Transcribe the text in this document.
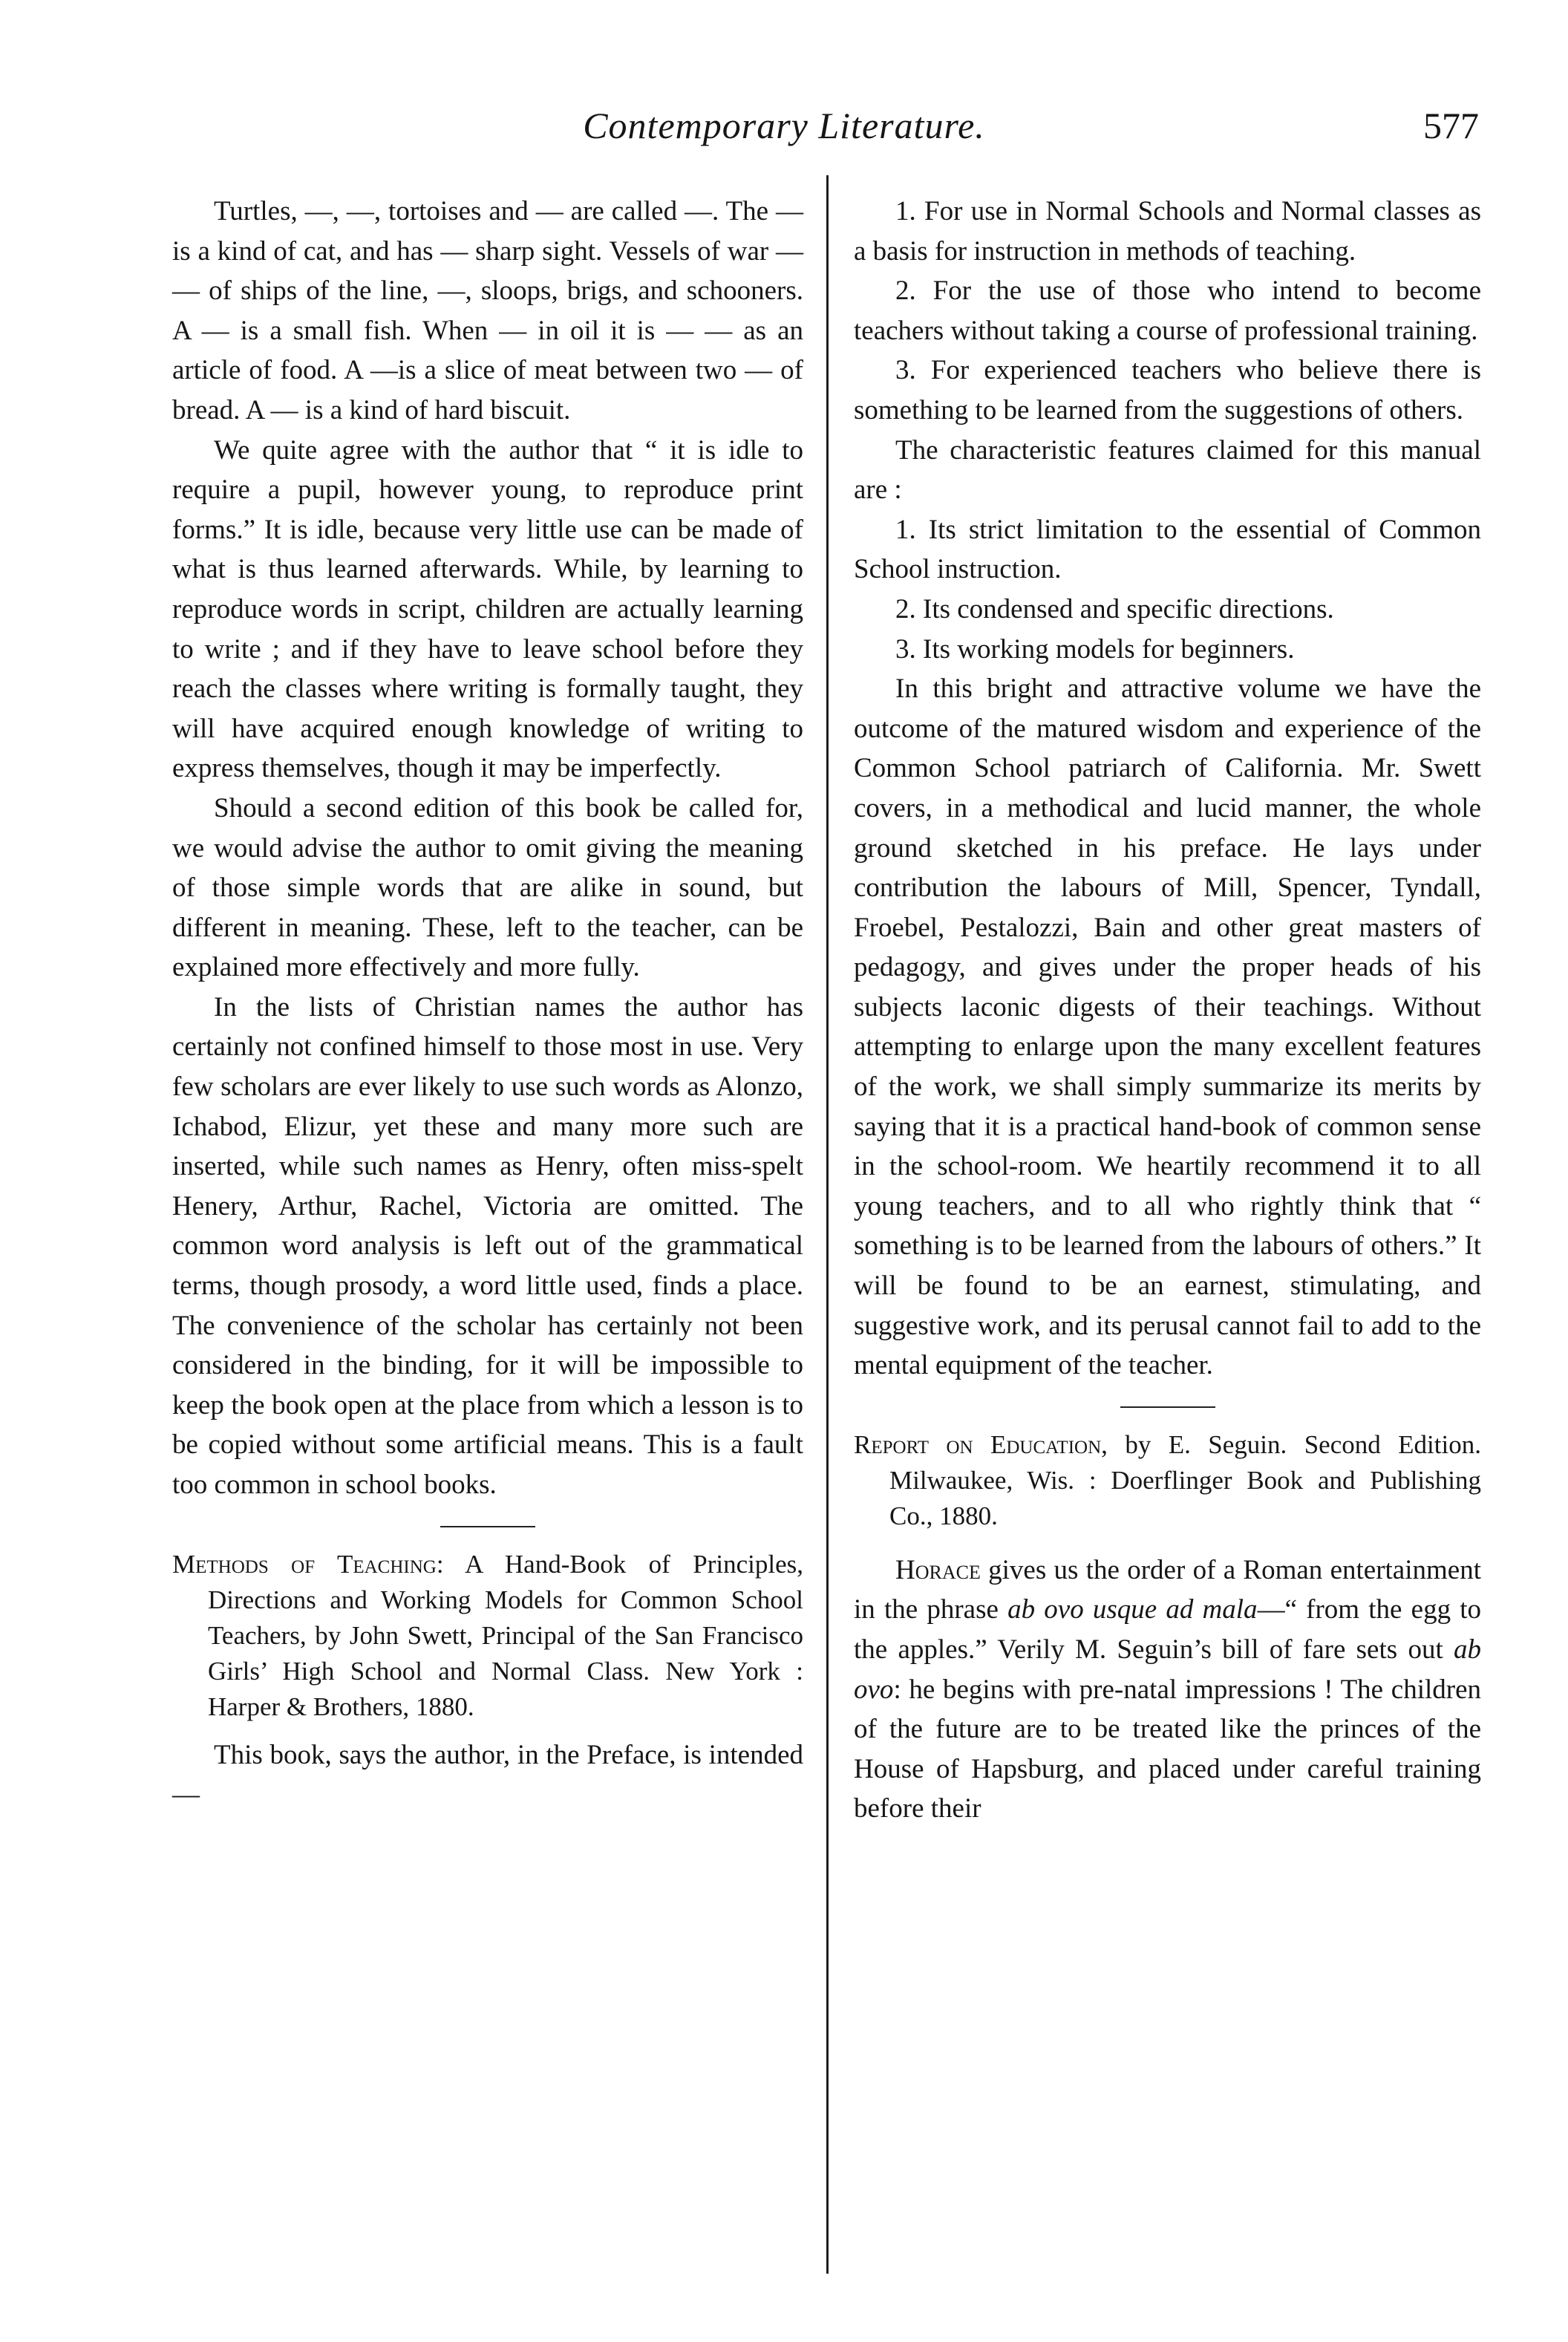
Contemporary Literature.	577

Turtles, —, —, tortoises and — are called —. The — is a kind of cat, and has — sharp sight. Vessels of war — — of ships of the line, —, sloops, brigs, and schooners. A — is a small fish. When — in oil it is — — as an article of food. A —is a slice of meat between two — of bread. A — is a kind of hard biscuit.

We quite agree with the author that “ it is idle to require a pupil, however young, to reproduce print forms.” It is idle, because very little use can be made of what is thus learned afterwards. While, by learning to reproduce words in script, children are actually learning to write ; and if they have to leave school before they reach the classes where writing is formally taught, they will have acquired enough knowledge of writing to express themselves, though it may be imperfectly.

Should a second edition of this book be called for, we would advise the author to omit giving the meaning of those simple words that are alike in sound, but different in meaning. These, left to the teacher, can be explained more effectively and more fully.

In the lists of Christian names the author has certainly not confined himself to those most in use. Very few scholars are ever likely to use such words as Alonzo, Ichabod, Elizur, yet these and many more such are inserted, while such names as Henry, often miss-spelt Henery, Arthur, Rachel, Victoria are omitted. The common word analysis is left out of the grammatical terms, though prosody, a word little used, finds a place. The convenience of the scholar has certainly not been considered in the binding, for it will be impossible to keep the book open at the place from which a lesson is to be copied without some artificial means. This is a fault too common in school books.

Methods of Teaching: A Hand-Book of Principles, Directions and Working Models for Common School Teachers, by John Swett, Principal of the San Francisco Girls’ High School and Normal Class. New York : Harper & Brothers, 1880.

This book, says the author, in the Preface, is intended—

1. For use in Normal Schools and Normal classes as a basis for instruction in methods of teaching.

2. For the use of those who intend to become teachers without taking a course of professional training.

3. For experienced teachers who believe there is something to be learned from the suggestions of others.

The characteristic features claimed for this manual are :

1. Its strict limitation to the essential of Common School instruction.

2. Its condensed and specific directions.

3. Its working models for beginners.

In this bright and attractive volume we have the outcome of the matured wisdom and experience of the Common School patriarch of California. Mr. Swett covers, in a methodical and lucid manner, the whole ground sketched in his preface. He lays under contribution the labours of Mill, Spencer, Tyndall, Froebel, Pestalozzi, Bain and other great masters of pedagogy, and gives under the proper heads of his subjects laconic digests of their teachings. Without attempting to enlarge upon the many excellent features of the work, we shall simply summarize its merits by saying that it is a practical hand-book of common sense in the school-room. We heartily recommend it to all young teachers, and to all who rightly think that “ something is to be learned from the labours of others.” It will be found to be an earnest, stimulating, and suggestive work, and its perusal cannot fail to add to the mental equipment of the teacher.

Report on Education, by E. Seguin. Second Edition. Milwaukee, Wis. : Doerflinger Book and Publishing Co., 1880.

Horace gives us the order of a Roman entertainment in the phrase ab ovo usque ad mala—“ from the egg to the apples.” Verily M. Seguin’s bill of fare sets out ab ovo: he begins with pre-natal impressions ! The children of the future are to be treated like the princes of the House of Hapsburg, and placed under careful training before their
